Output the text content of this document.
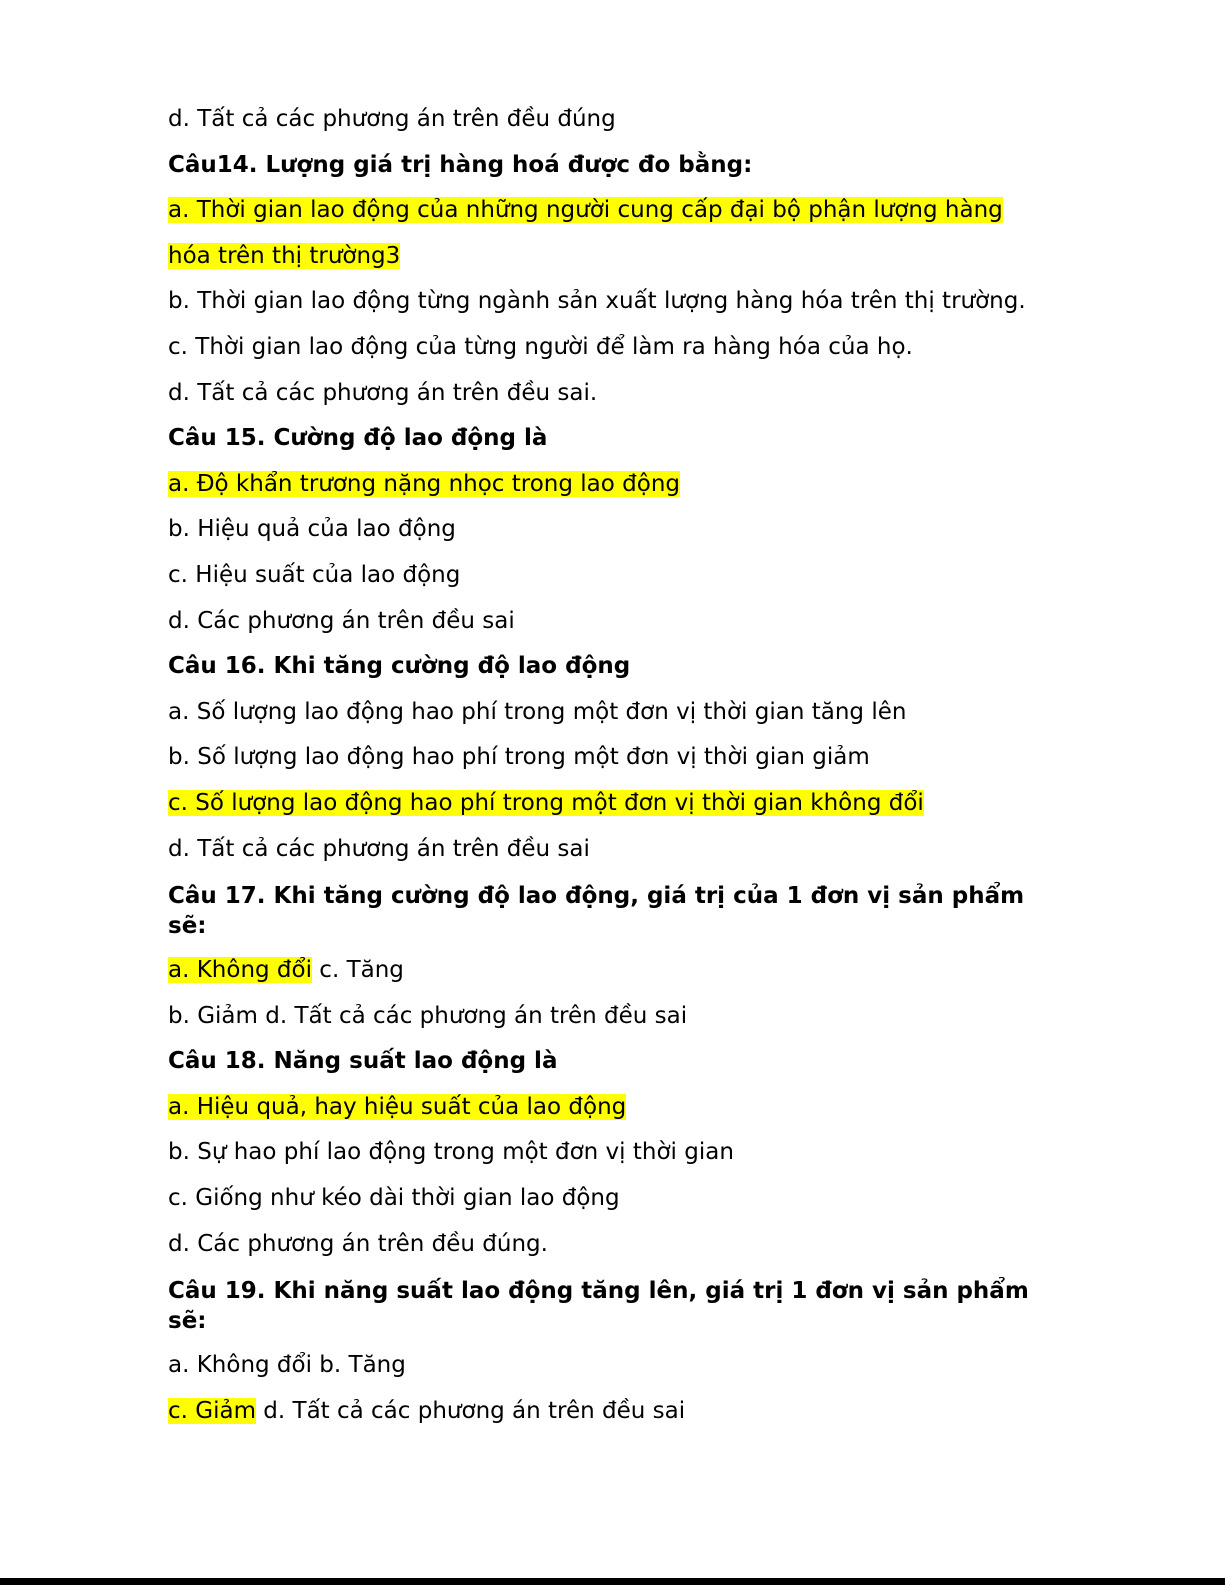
d. Tất cả các phương án trên đều đúng
Câu14. Lượng giá trị hàng hoá được đo bằng:
a. Thời gian lao động của những người cung cấp đại bộ phận lượng hàng
hóa trên thị trường3
b. Thời gian lao động từng ngành sản xuất lượng hàng hóa trên thị trường.
c. Thời gian lao động của từng người để làm ra hàng hóa của họ.
d. Tất cả các phương án trên đều sai.
Câu 15. Cường độ lao động là
a. Độ khẩn trương nặng nhọc trong lao động
b. Hiệu quả của lao động
c. Hiệu suất của lao động
d. Các phương án trên đều sai
Câu 16. Khi tăng cường độ lao động
a. Số lượng lao động hao phí trong một đơn vị thời gian tăng lên
b. Số lượng lao động hao phí trong một đơn vị thời gian giảm
c. Số lượng lao động hao phí trong một đơn vị thời gian không đổi
d. Tất cả các phương án trên đều sai
Câu 17. Khi tăng cường độ lao động, giá trị của 1 đơn vị sản phẩm sẽ:
a. Không đổi c. Tăng
b. Giảm d. Tất cả các phương án trên đều sai
Câu 18. Năng suất lao động là
a. Hiệu quả, hay hiệu suất của lao động
b. Sự hao phí lao động trong một đơn vị thời gian
c. Giống như kéo dài thời gian lao động
d. Các phương án trên đều đúng.
Câu 19. Khi năng suất lao động tăng lên, giá trị 1 đơn vị sản phẩm sẽ:
a. Không đổi b. Tăng
c. Giảm d. Tất cả các phương án trên đều sai
